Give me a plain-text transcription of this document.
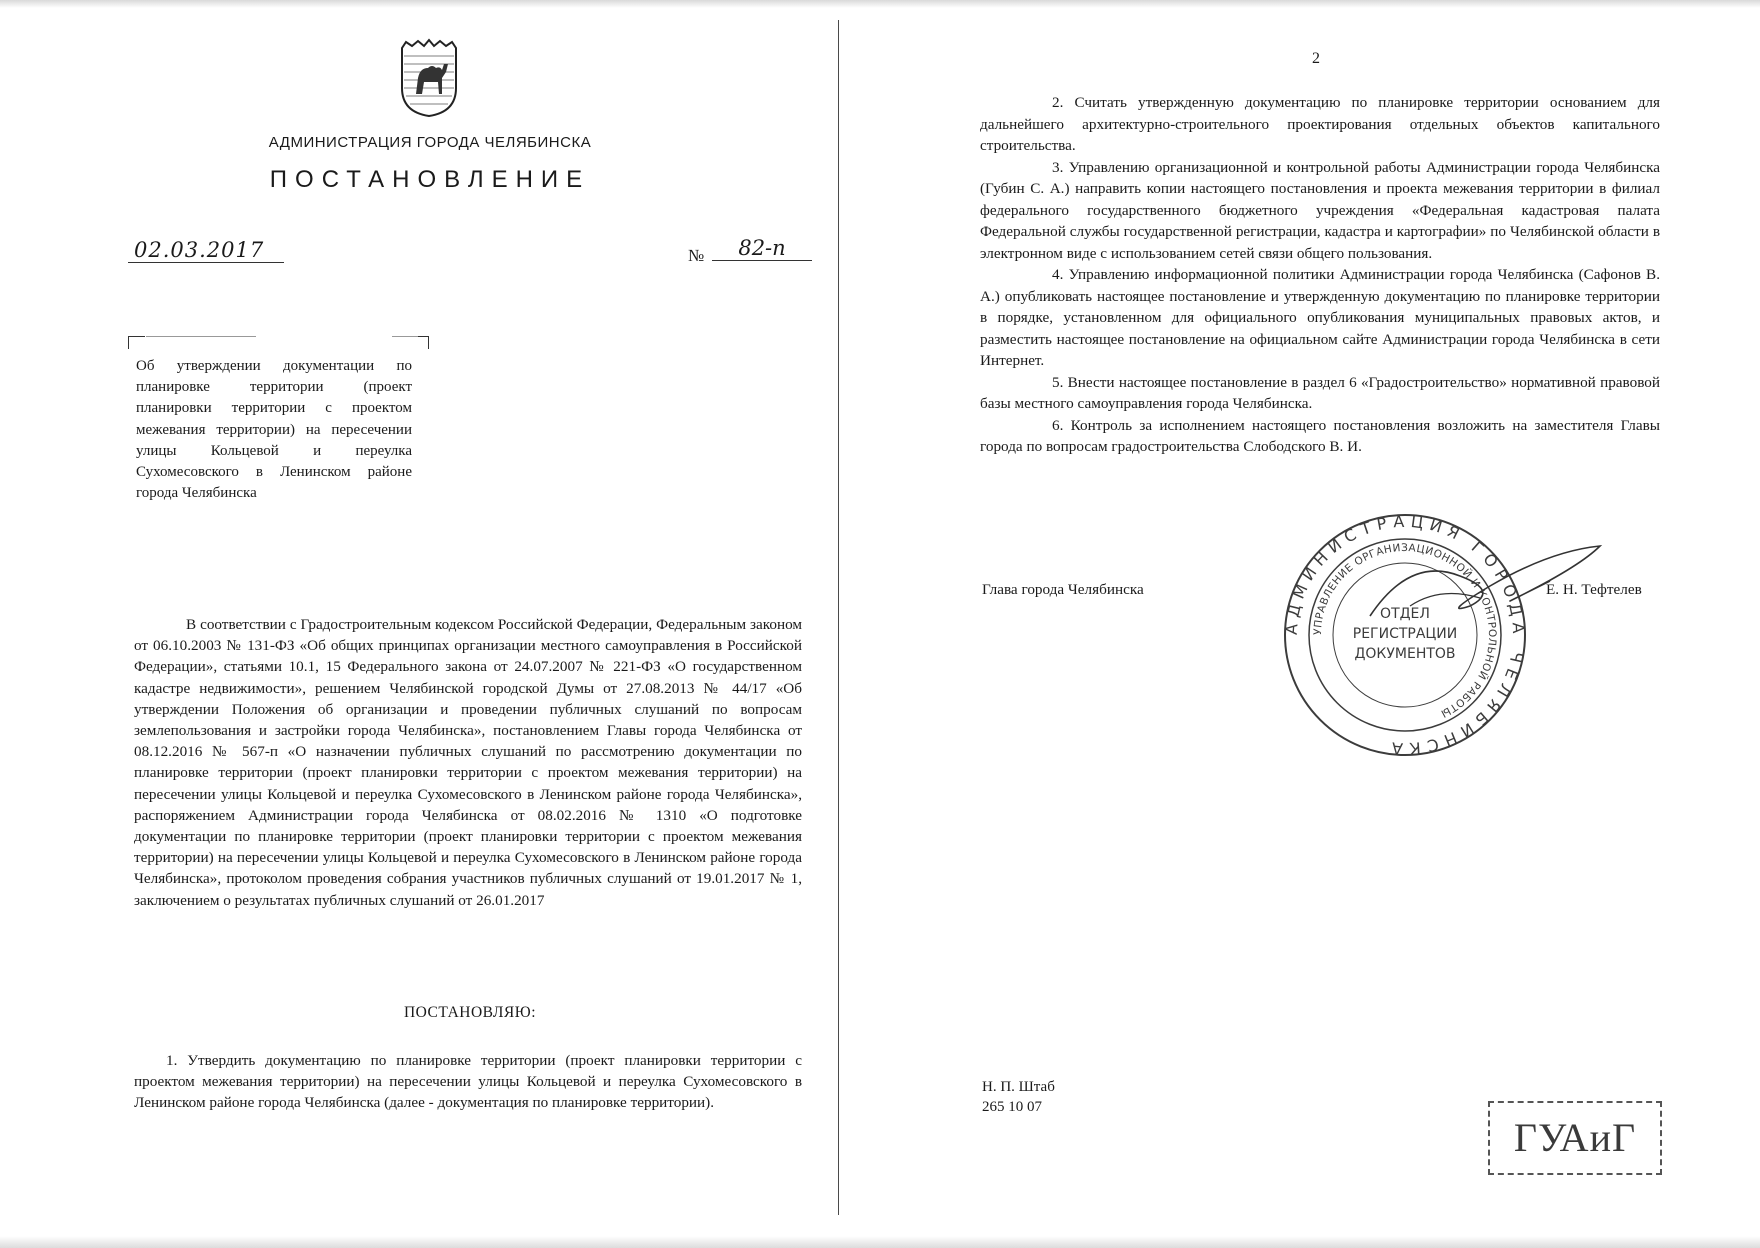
АДМИНИСТРАЦИЯ ГОРОДА ЧЕЛЯБИНСКА
ПОСТАНОВЛЕНИЕ
02.03.2017	№	82-п
Об утверждении документации по планировке территории (проект планировки территории с проектом межевания территории) на пересечении улицы Кольцевой и переулка Сухомесовского в Ленинском районе города Челябинска
В соответствии с Градостроительным кодексом Российской Федерации, Федеральным законом от 06.10.2003 № 131-ФЗ «Об общих принципах организации местного самоуправления в Российской Федерации», статьями 10.1, 15 Федерального закона от 24.07.2007 № 221-ФЗ «О государственном кадастре недвижимости», решением Челябинской городской Думы от 27.08.2013 № 44/17 «Об утверждении Положения об организации и проведении публичных слушаний по вопросам землепользования и застройки города Челябинска», постановлением Главы города Челябинска от 08.12.2016 № 567-п «О назначении публичных слушаний по рассмотрению документации по планировке территории (проект планировки территории с проектом межевания территории) на пересечении улицы Кольцевой и переулка Сухомесовского в Ленинском районе города Челябинска», распоряжением Администрации города Челябинска от 08.02.2016 № 1310 «О подготовке документации по планировке территории (проект планировки территории с проектом межевания территории) на пересечении улицы Кольцевой и переулка Сухомесовского в Ленинском районе города Челябинска», протоколом проведения собрания участников публичных слушаний от 19.01.2017 № 1, заключением о результатах публичных слушаний от 26.01.2017
ПОСТАНОВЛЯЮ:
1. Утвердить документацию по планировке территории (проект планировки территории с проектом межевания территории) на пересечении улицы Кольцевой и переулка Сухомесовского в Ленинском районе города Челябинска (далее - документация по планировке территории).
2

2. Считать утвержденную документацию по планировке территории основанием для дальнейшего архитектурно-строительного проектирования отдельных объектов капитального строительства.

3. Управлению организационной и контрольной работы Администрации города Челябинска (Губин С. А.) направить копии настоящего постановления и проекта межевания территории в филиал федерального государственного бюджетного учреждения «Федеральная кадастровая палата Федеральной службы государственной регистрации, кадастра и картографии» по Челябинской области в электронном виде с использованием сетей связи общего пользования.

4. Управлению информационной политики Администрации города Челябинска (Сафонов В. А.) опубликовать настоящее постановление и утвержденную документацию по планировке территории в порядке, установленном для официального опубликования муниципальных правовых актов, и разместить настоящее постановление на официальном сайте Администрации города Челябинска в сети Интернет.

5. Внести настоящее постановление в раздел 6 «Градостроительство» нормативной правовой базы местного самоуправления города Челябинска.

6. Контроль за исполнением настоящего постановления возложить на заместителя Главы города по вопросам градостроительства Слободского В. И.

Глава города Челябинска	Е. Н. Тефтелев
АДМИНИСТРАЦИЯ ГОРОДА ЧЕЛЯБИНСКА
УПРАВЛЕНИЕ ОРГАНИЗАЦИОННОЙ И КОНТРОЛЬНОЙ РАБОТЫ
ОТДЕЛ
РЕГИСТРАЦИИ
ДОКУМЕНТОВ
Н. П. Штаб
265 10 07
ГУАиГ
